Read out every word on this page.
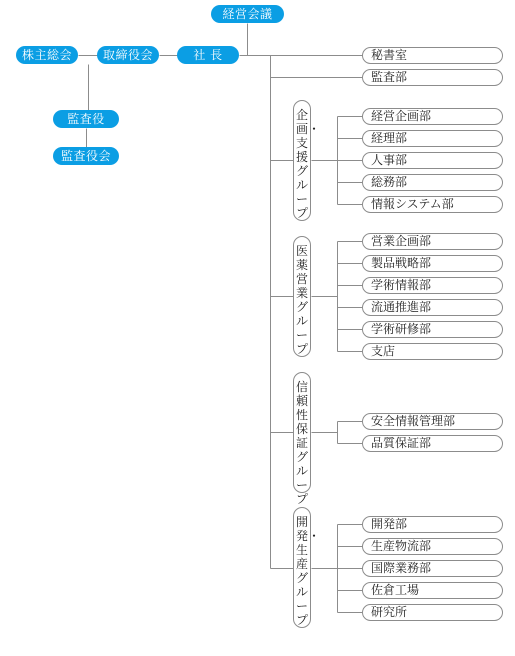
経営会議
株主総会	取締役会	社 長
監査役
監査役会
秘書室
監査部
企画・支援グループ
経営企画部
経理部
人事部
総務部
情報システム部
医薬営業グループ
営業企画部
製品戦略部
学術情報部
流通推進部
学術研修部
支店
信頼性保証グループ
安全情報管理部
品質保証部
開発・生産グループ
開発部
生産物流部
国際業務部
佐倉工場
研究所
